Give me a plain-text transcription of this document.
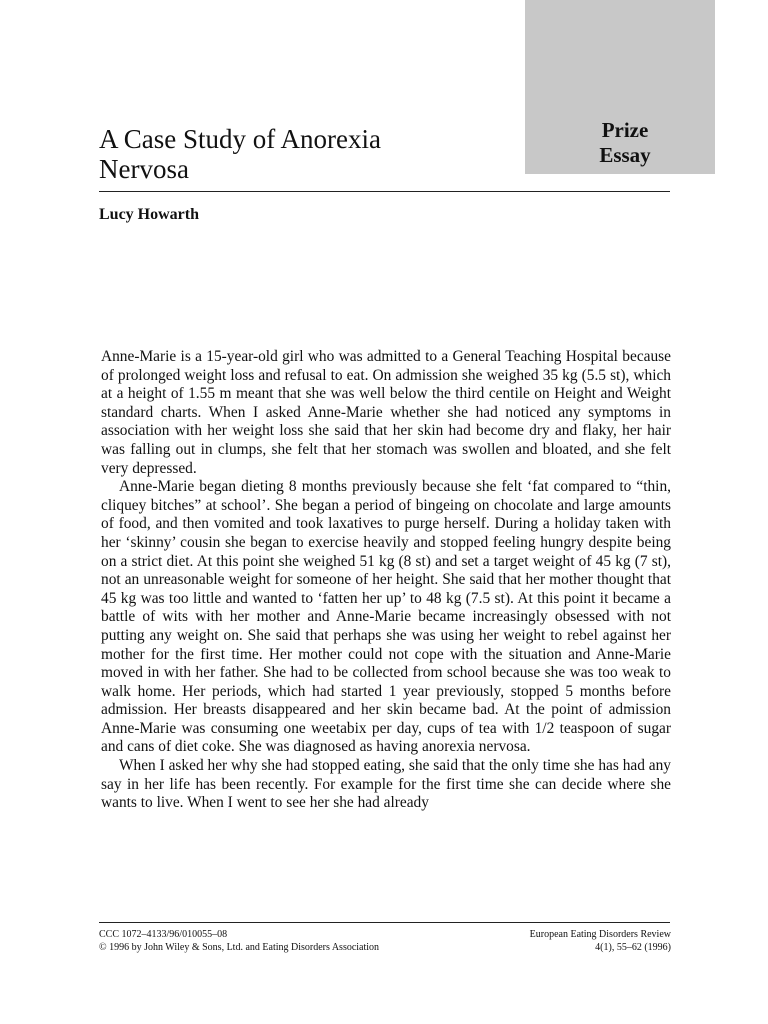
Prize
Essay
A Case Study of Anorexia
Nervosa
Lucy Howarth

Anne-Marie is a 15-year-old girl who was admitted to a General Teaching Hospital because of prolonged weight loss and refusal to eat. On admission she weighed 35 kg (5.5 st), which at a height of 1.55 m meant that she was well below the third centile on Height and Weight standard charts. When I asked Anne-Marie whether she had noticed any symptoms in association with her weight loss she said that her skin had become dry and flaky, her hair was falling out in clumps, she felt that her stomach was swollen and bloated, and she felt very depressed.

Anne-Marie began dieting 8 months previously because she felt ‘fat compared to “thin, cliquey bitches” at school’. She began a period of bingeing on chocolate and large amounts of food, and then vomited and took laxatives to purge herself. During a holiday taken with her ‘skinny’ cousin she began to exercise heavily and stopped feeling hungry despite being on a strict diet. At this point she weighed 51 kg (8 st) and set a target weight of 45 kg (7 st), not an unreasonable weight for someone of her height. She said that her mother thought that 45 kg was too little and wanted to ‘fatten her up’ to 48 kg (7.5 st). At this point it became a battle of wits with her mother and Anne-Marie became increasingly obsessed with not putting any weight on. She said that perhaps she was using her weight to rebel against her mother for the first time. Her mother could not cope with the situation and Anne-Marie moved in with her father. She had to be collected from school because she was too weak to walk home. Her periods, which had started 1 year previously, stopped 5 months before admission. Her breasts disappeared and her skin became bad. At the point of admission Anne-Marie was consuming one weetabix per day, cups of tea with 1/2 teaspoon of sugar and cans of diet coke. She was diagnosed as having anorexia nervosa.

When I asked her why she had stopped eating, she said that the only time she has had any say in her life has been recently. For example for the first time she can decide where she wants to live. When I went to see her she had already

CCC 1072–4133/96/010055–08
© 1996 by John Wiley & Sons, Ltd. and Eating Disorders Association
European Eating Disorders Review
4(1), 55–62 (1996)
